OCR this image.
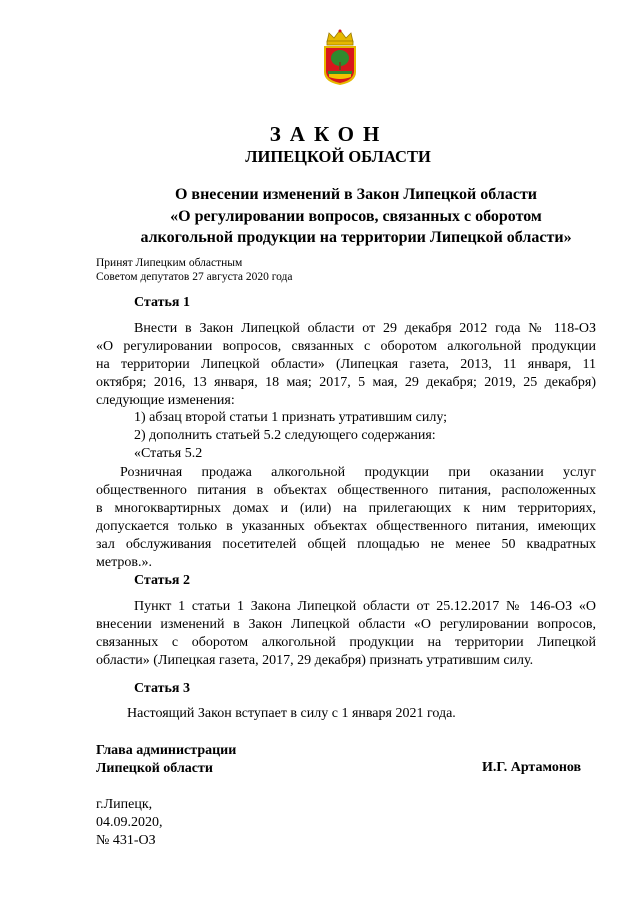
ЗАКОН
ЛИПЕЦКОЙ ОБЛАСТИ
О внесении изменений в Закон Липецкой области
«О регулировании вопросов, связанных с оборотом
алкогольной продукции на территории Липецкой области»
Принят Липецким областным
Советом депутатов 27 августа 2020 года
Статья 1
Внести в Закон Липецкой области от 29 декабря 2012 года № 118-ОЗ
«О регулировании вопросов, связанных с оборотом алкогольной продукции
на территории Липецкой области» (Липецкая газета, 2013, 11 января, 11
октября; 2016, 13 января, 18 мая; 2017, 5 мая, 29 декабря; 2019, 25 декабря)
следующие изменения:
1) абзац второй статьи 1 признать утратившим силу;
2) дополнить статьей 5.2 следующего содержания:
«Статья 5.2
Розничная продажа алкогольной продукции при оказании услуг
общественного питания в объектах общественного питания, расположенных
в многоквартирных домах и (или) на прилегающих к ним территориях,
допускается только в указанных объектах общественного питания, имеющих
зал обслуживания посетителей общей площадью не менее 50 квадратных
метров.».
Статья 2
Пункт 1 статьи 1 Закона Липецкой области от 25.12.2017 № 146-ОЗ «О
внесении изменений в Закон Липецкой области «О регулировании вопросов,
связанных с оборотом алкогольной продукции на территории Липецкой
области» (Липецкая газета, 2017, 29 декабря) признать утратившим силу.
Статья 3
Настоящий Закон вступает в силу с 1 января 2021 года.
Глава администрации
Липецкой области	И.Г. Артамонов
г.Липецк,
04.09.2020,
№ 431-ОЗ
